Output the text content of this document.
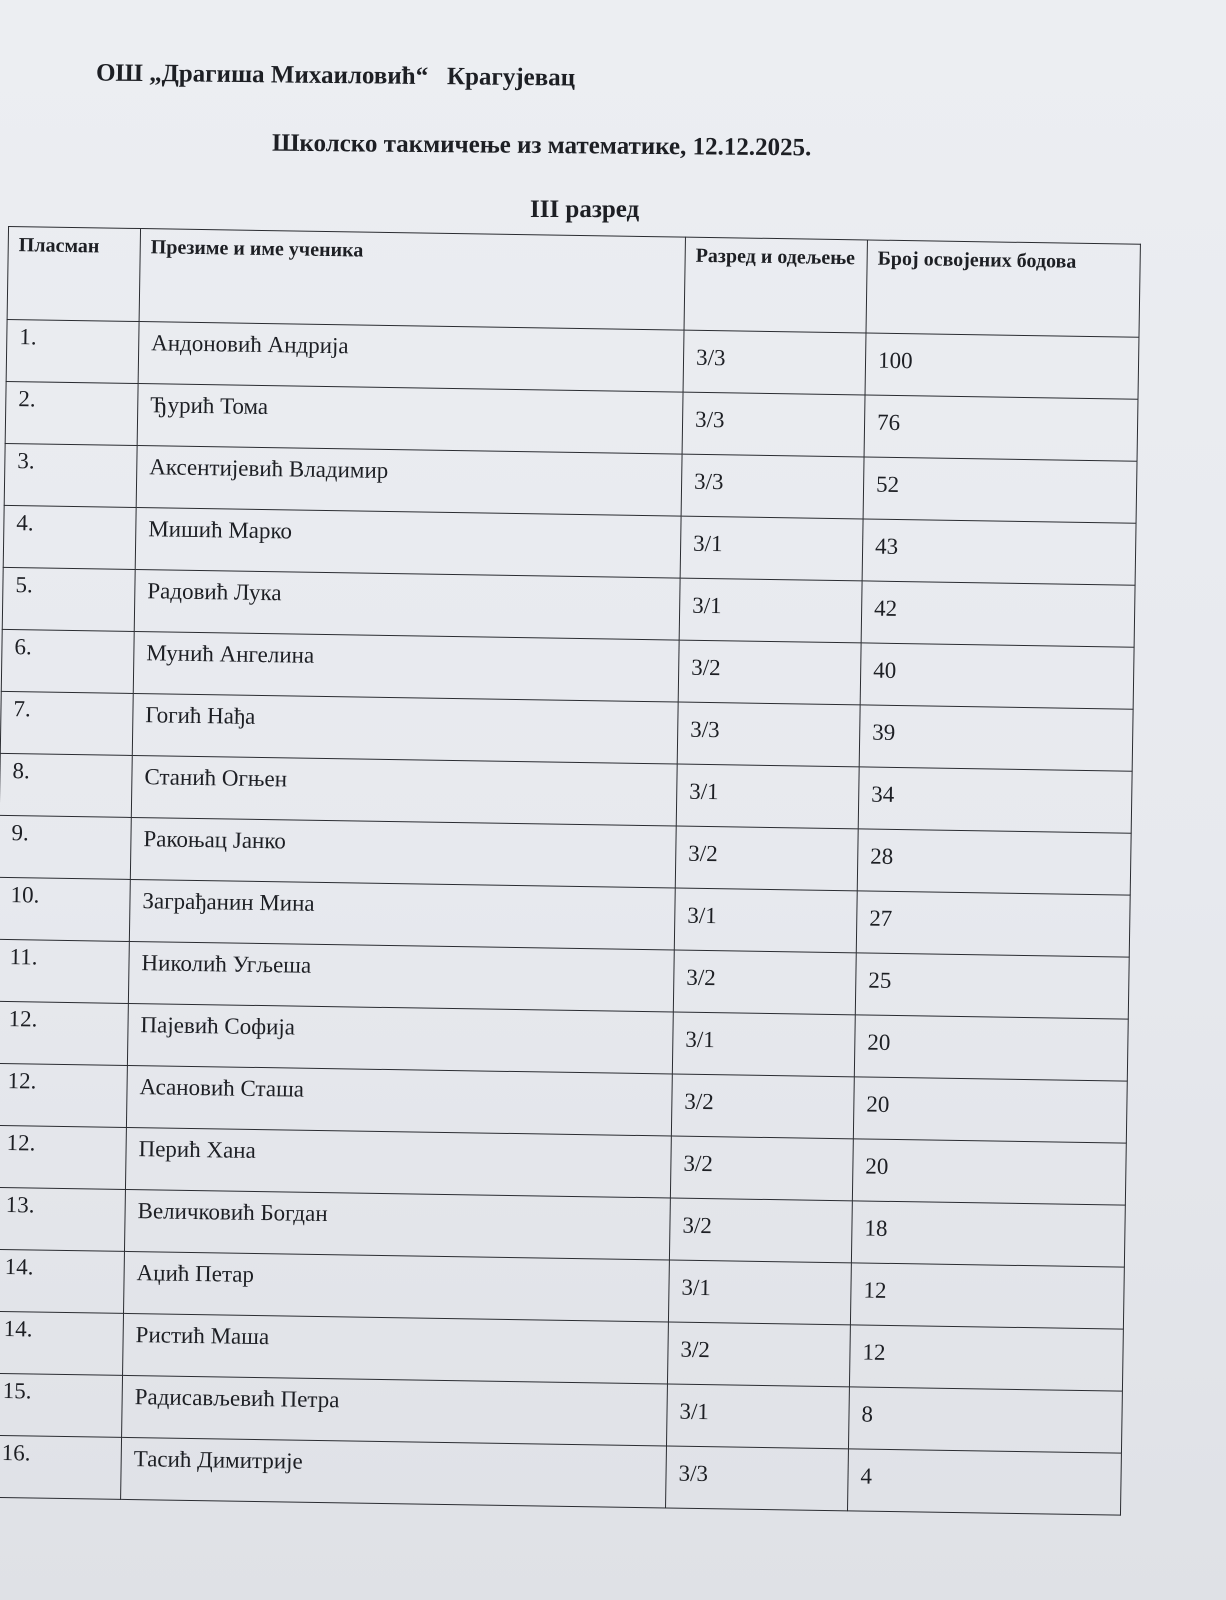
ОШ „Драгиша Михаиловић“   Крагујевац
Школско такмичење из математике, 12.12.2025.
III разред
Пласман	Презиме и име ученика	Разред и одељење	Број освојених бодова
1.	Андоновић Андрија	3/3	100
2.	Ђурић Тома	3/3	76
3.	Аксентијевић Владимир	3/3	52
4.	Мишић Марко	3/1	43
5.	Радовић Лука	3/1	42
6.	Мунић Ангелина	3/2	40
7.	Гогић Нађа	3/3	39
8.	Станић Огњен	3/1	34
9.	Ракоњац Јанко	3/2	28
10.	Заграђанин Мина	3/1	27
11.	Николић Угљеша	3/2	25
12.	Пајевић Софија	3/1	20
12.	Асановић Сташа	3/2	20
12.	Перић Хана	3/2	20
13.	Величковић Богдан	3/2	18
14.	Аџић Петар	3/1	12
14.	Ристић Маша	3/2	12
15.	Радисављевић Петра	3/1	8
16.	Тасић Димитрије	3/3	4
